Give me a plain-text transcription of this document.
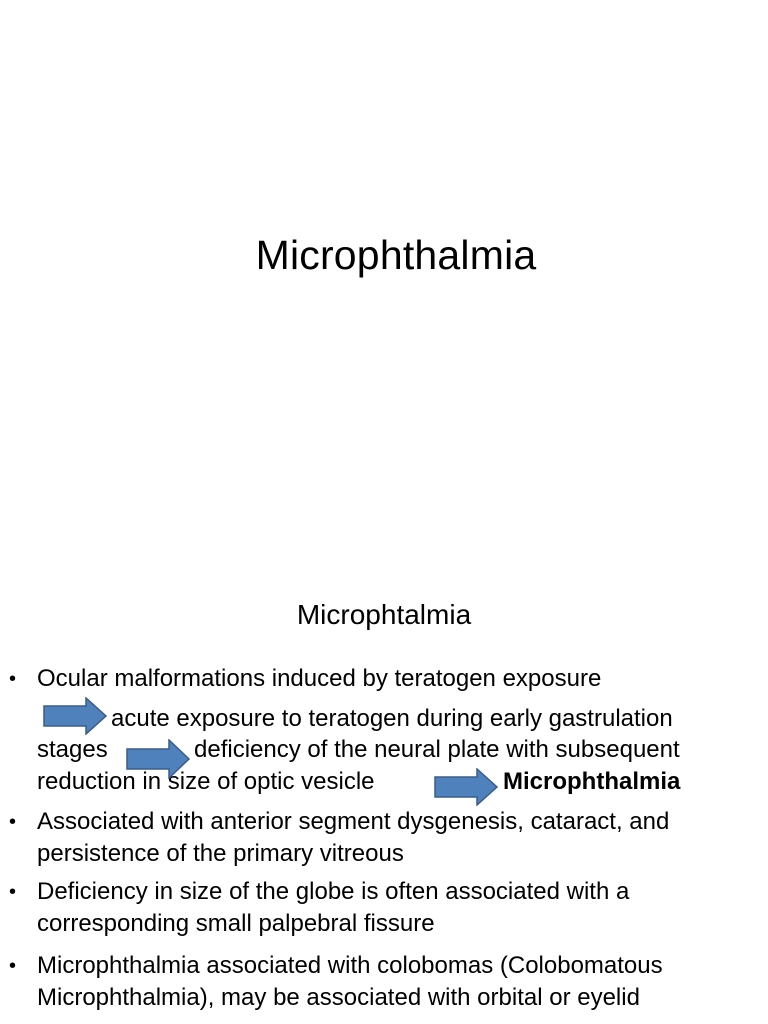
Microphthalmia
Microphtalmia
• Ocular malformations induced by teratogen exposure
acute exposure to teratogen during early gastrulation
stages	deficiency of the neural plate with subsequent
reduction in size of optic vesicle	Microphthalmia
• Associated with anterior segment dysgenesis, cataract, and
persistence of the primary vitreous
• Deficiency in size of the globe is often associated with a
corresponding small palpebral fissure
• Microphthalmia associated with colobomas (Colobomatous
Microphthalmia), may be associated with orbital or eyelid
